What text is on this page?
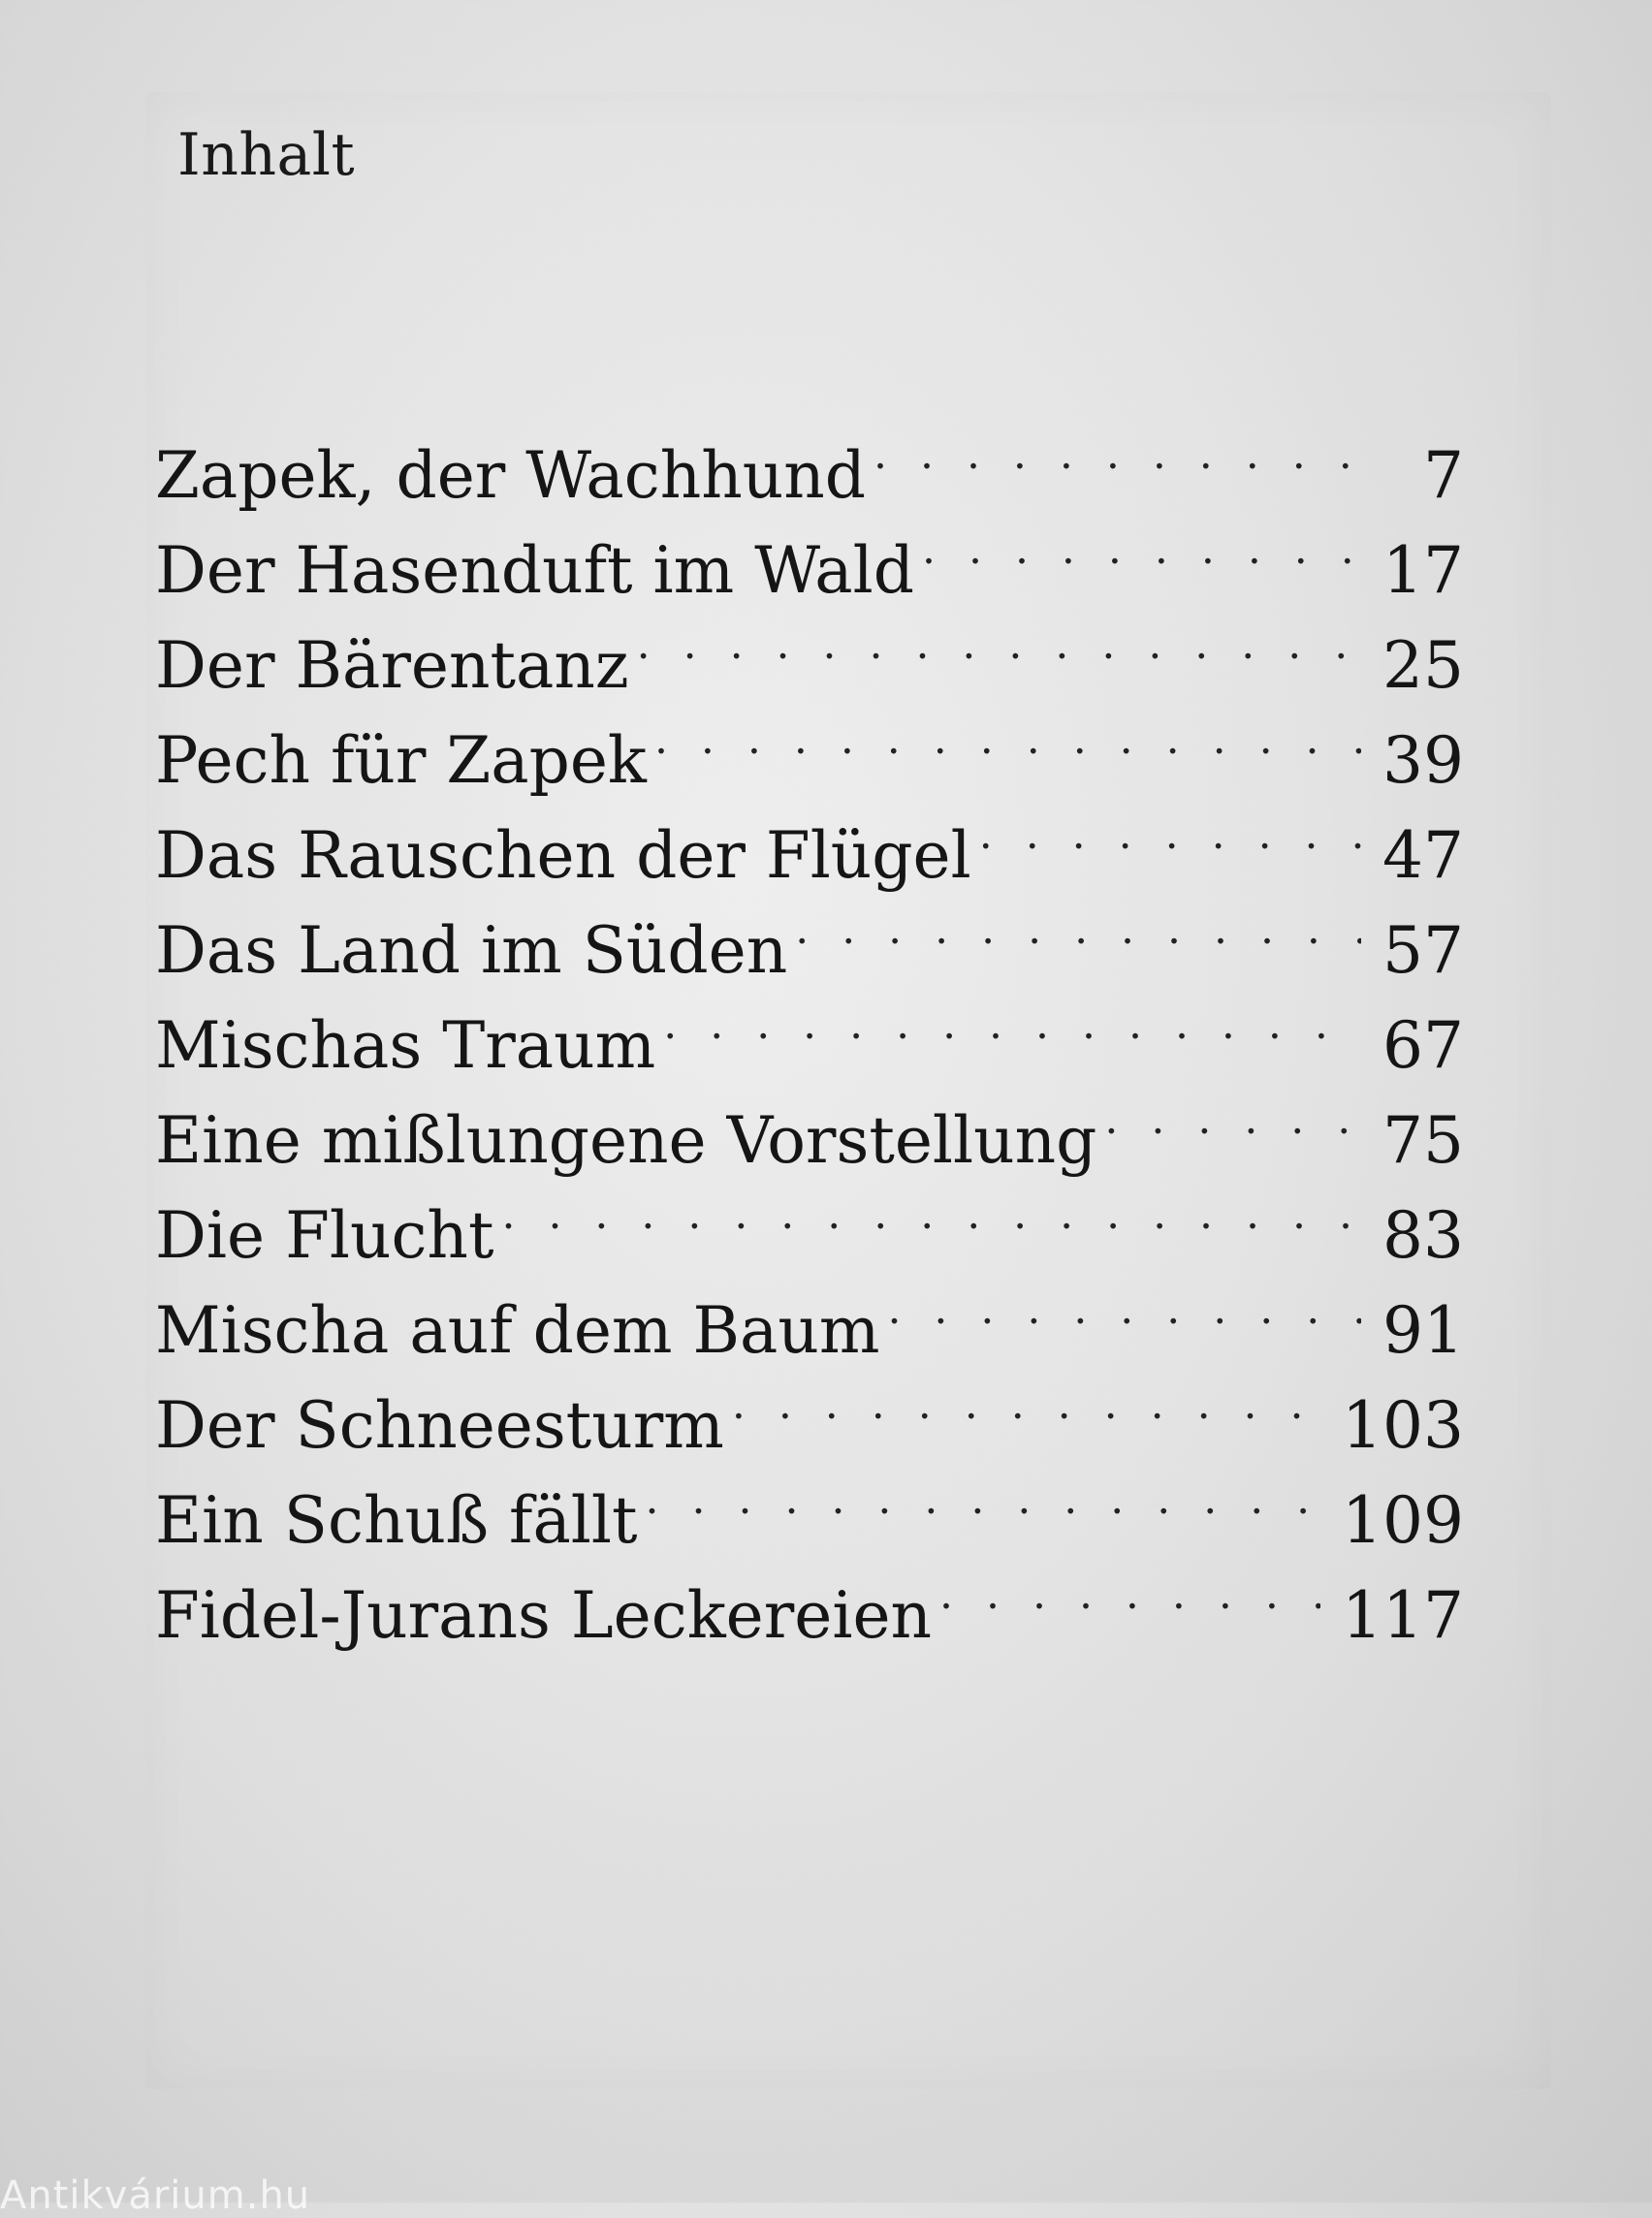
Inhalt
Zapek, der Wachhund . . .	7
Der Hasenduft im Wald . . .	17
Der Bärentanz . . .	25
Pech für Zapek . . .	39
Das Rauschen der Flügel . . .	47
Das Land im Süden . . .	57
Mischas Traum . . .	67
Eine mißlungene Vorstellung . . .	75
Die Flucht . . .	83
Mischa auf dem Baum . . .	91
Der Schneesturm . . .	103
Ein Schuß fällt . . .	109
Fidel-Jurans Leckereien . . .	117
Antikvárium.hu
